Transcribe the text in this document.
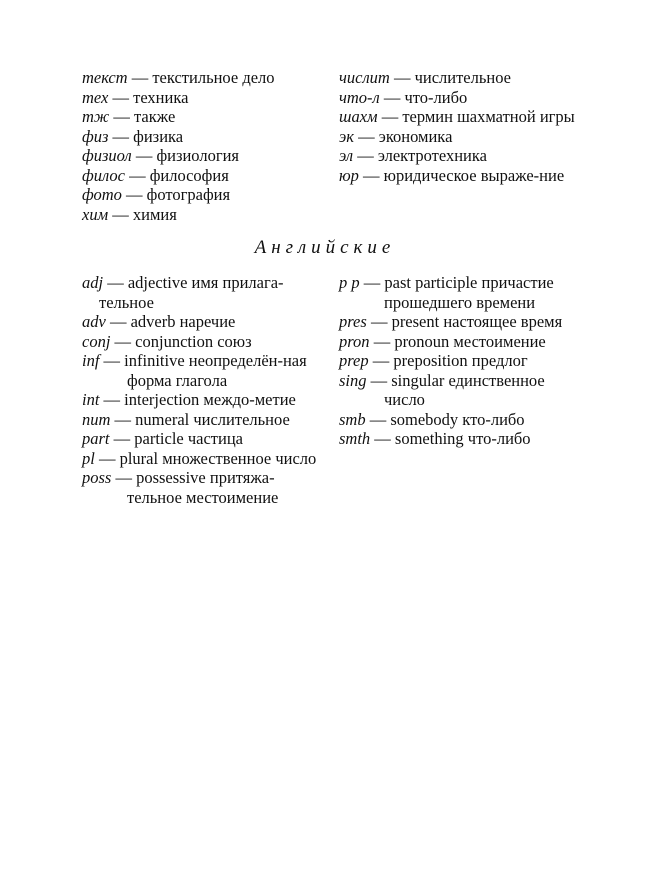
текст — текстильное дело

тех — техника

тж — также

физ — физика

физиол — физиология

филос — философия

фото — фотография

хим — химия

числит — числительное

что-л — что-либо

шахм — термин шахматной игры

эк — экономика

эл — электротехника

юр — юридическое выраже-ние

Английские

adj — adjective имя прилага-тельное

adv — adverb наречие

conj — conjunction союз

inf — infinitive неопределён-ная форма глагола

int — interjection междо-метие

num — numeral числительное

part — particle частица

pl — plural множественное число

poss — possessive притяжа-тельное местоимение

p p — past participle причастие прошедшего времени

pres — present настоящее время

pron — pronoun местоимение

prep — preposition предлог

sing — singular единственное число

smb — somebody кто-либо

smth — something что-либо
